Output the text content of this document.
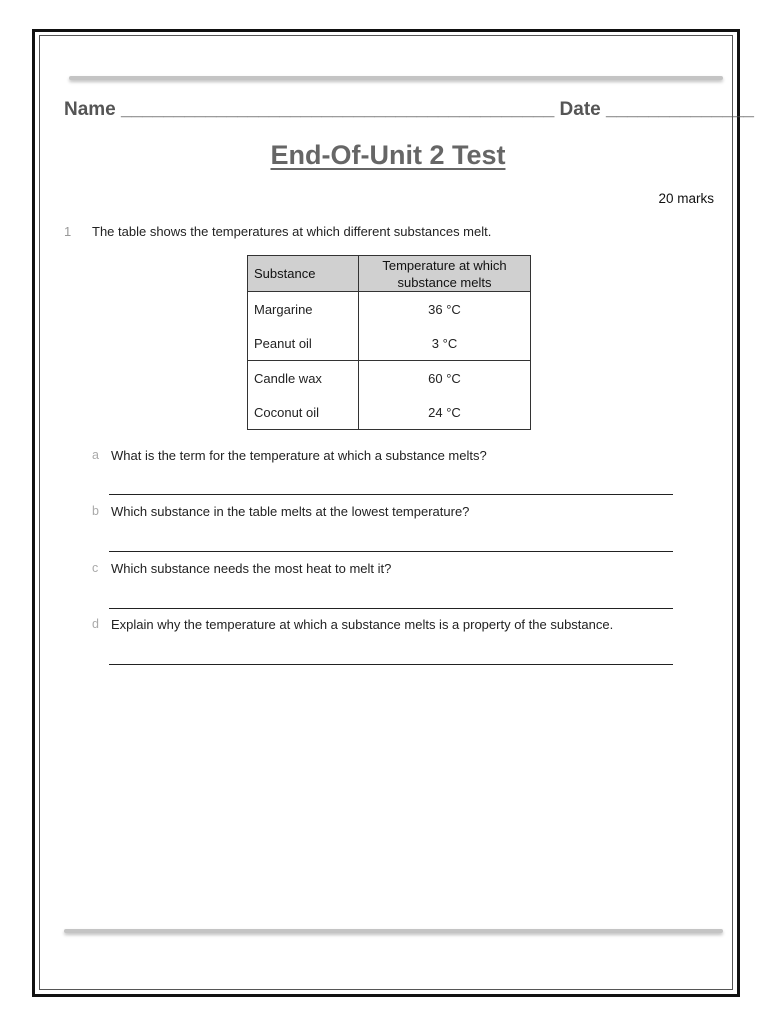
Name _________________________________________ Date ______________
End-Of-Unit 2 Test
20 marks
1 The table shows the temperatures at which different substances melt.
Substance	Temperature at which substance melts
Margarine	36 °C
Peanut oil	3 °C
Candle wax	60 °C
Coconut oil	24 °C
a What is the term for the temperature at which a substance melts?
b Which substance in the table melts at the lowest temperature?
c Which substance needs the most heat to melt it?
d Explain why the temperature at which a substance melts is a property of the substance.
